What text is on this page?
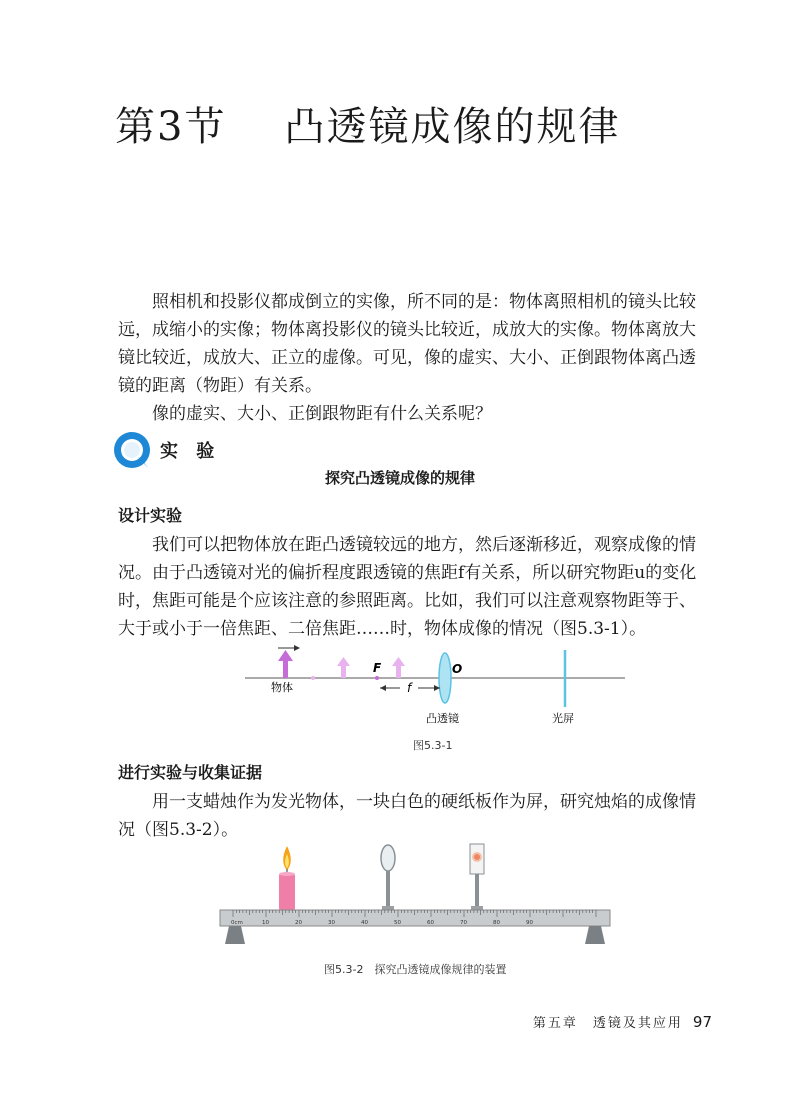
第3节 凸透镜成像的规律

照相机和投影仪都成倒立的实像，所不同的是：物体离照相机的镜头比较远，成缩小的实像；物体离投影仪的镜头比较近，成放大的实像。物体离放大镜比较近，成放大、正立的虚像。可见，像的虚实、大小、正倒跟物体离凸透镜的距离（物距）有关系。

像的虚实、大小、正倒跟物距有什么关系呢？

实 验
探究凸透镜成像的规律
设计实验

我们可以把物体放在距凸透镜较远的地方，然后逐渐移近，观察成像的情况。由于凸透镜对光的偏折程度跟透镜的焦距f有关系，所以研究物距u的变化时，焦距可能是个应该注意的参照距离。比如，我们可以注意观察物距等于、大于或小于一倍焦距、二倍焦距……时，物体成像的情况（图5.3-1）。

F	O
f
物体
凸透镜	光屏
图5.3-1
进行实验与收集证据

用一支蜡烛作为发光物体，一块白色的硬纸板作为屏，研究烛焰的成像情况（图5.3-2）。

0cm	10	20	30	40	50	60	70	80	90
图5.3-2　探究凸透镜成像规律的装置
第五章　透镜及其应用 97
